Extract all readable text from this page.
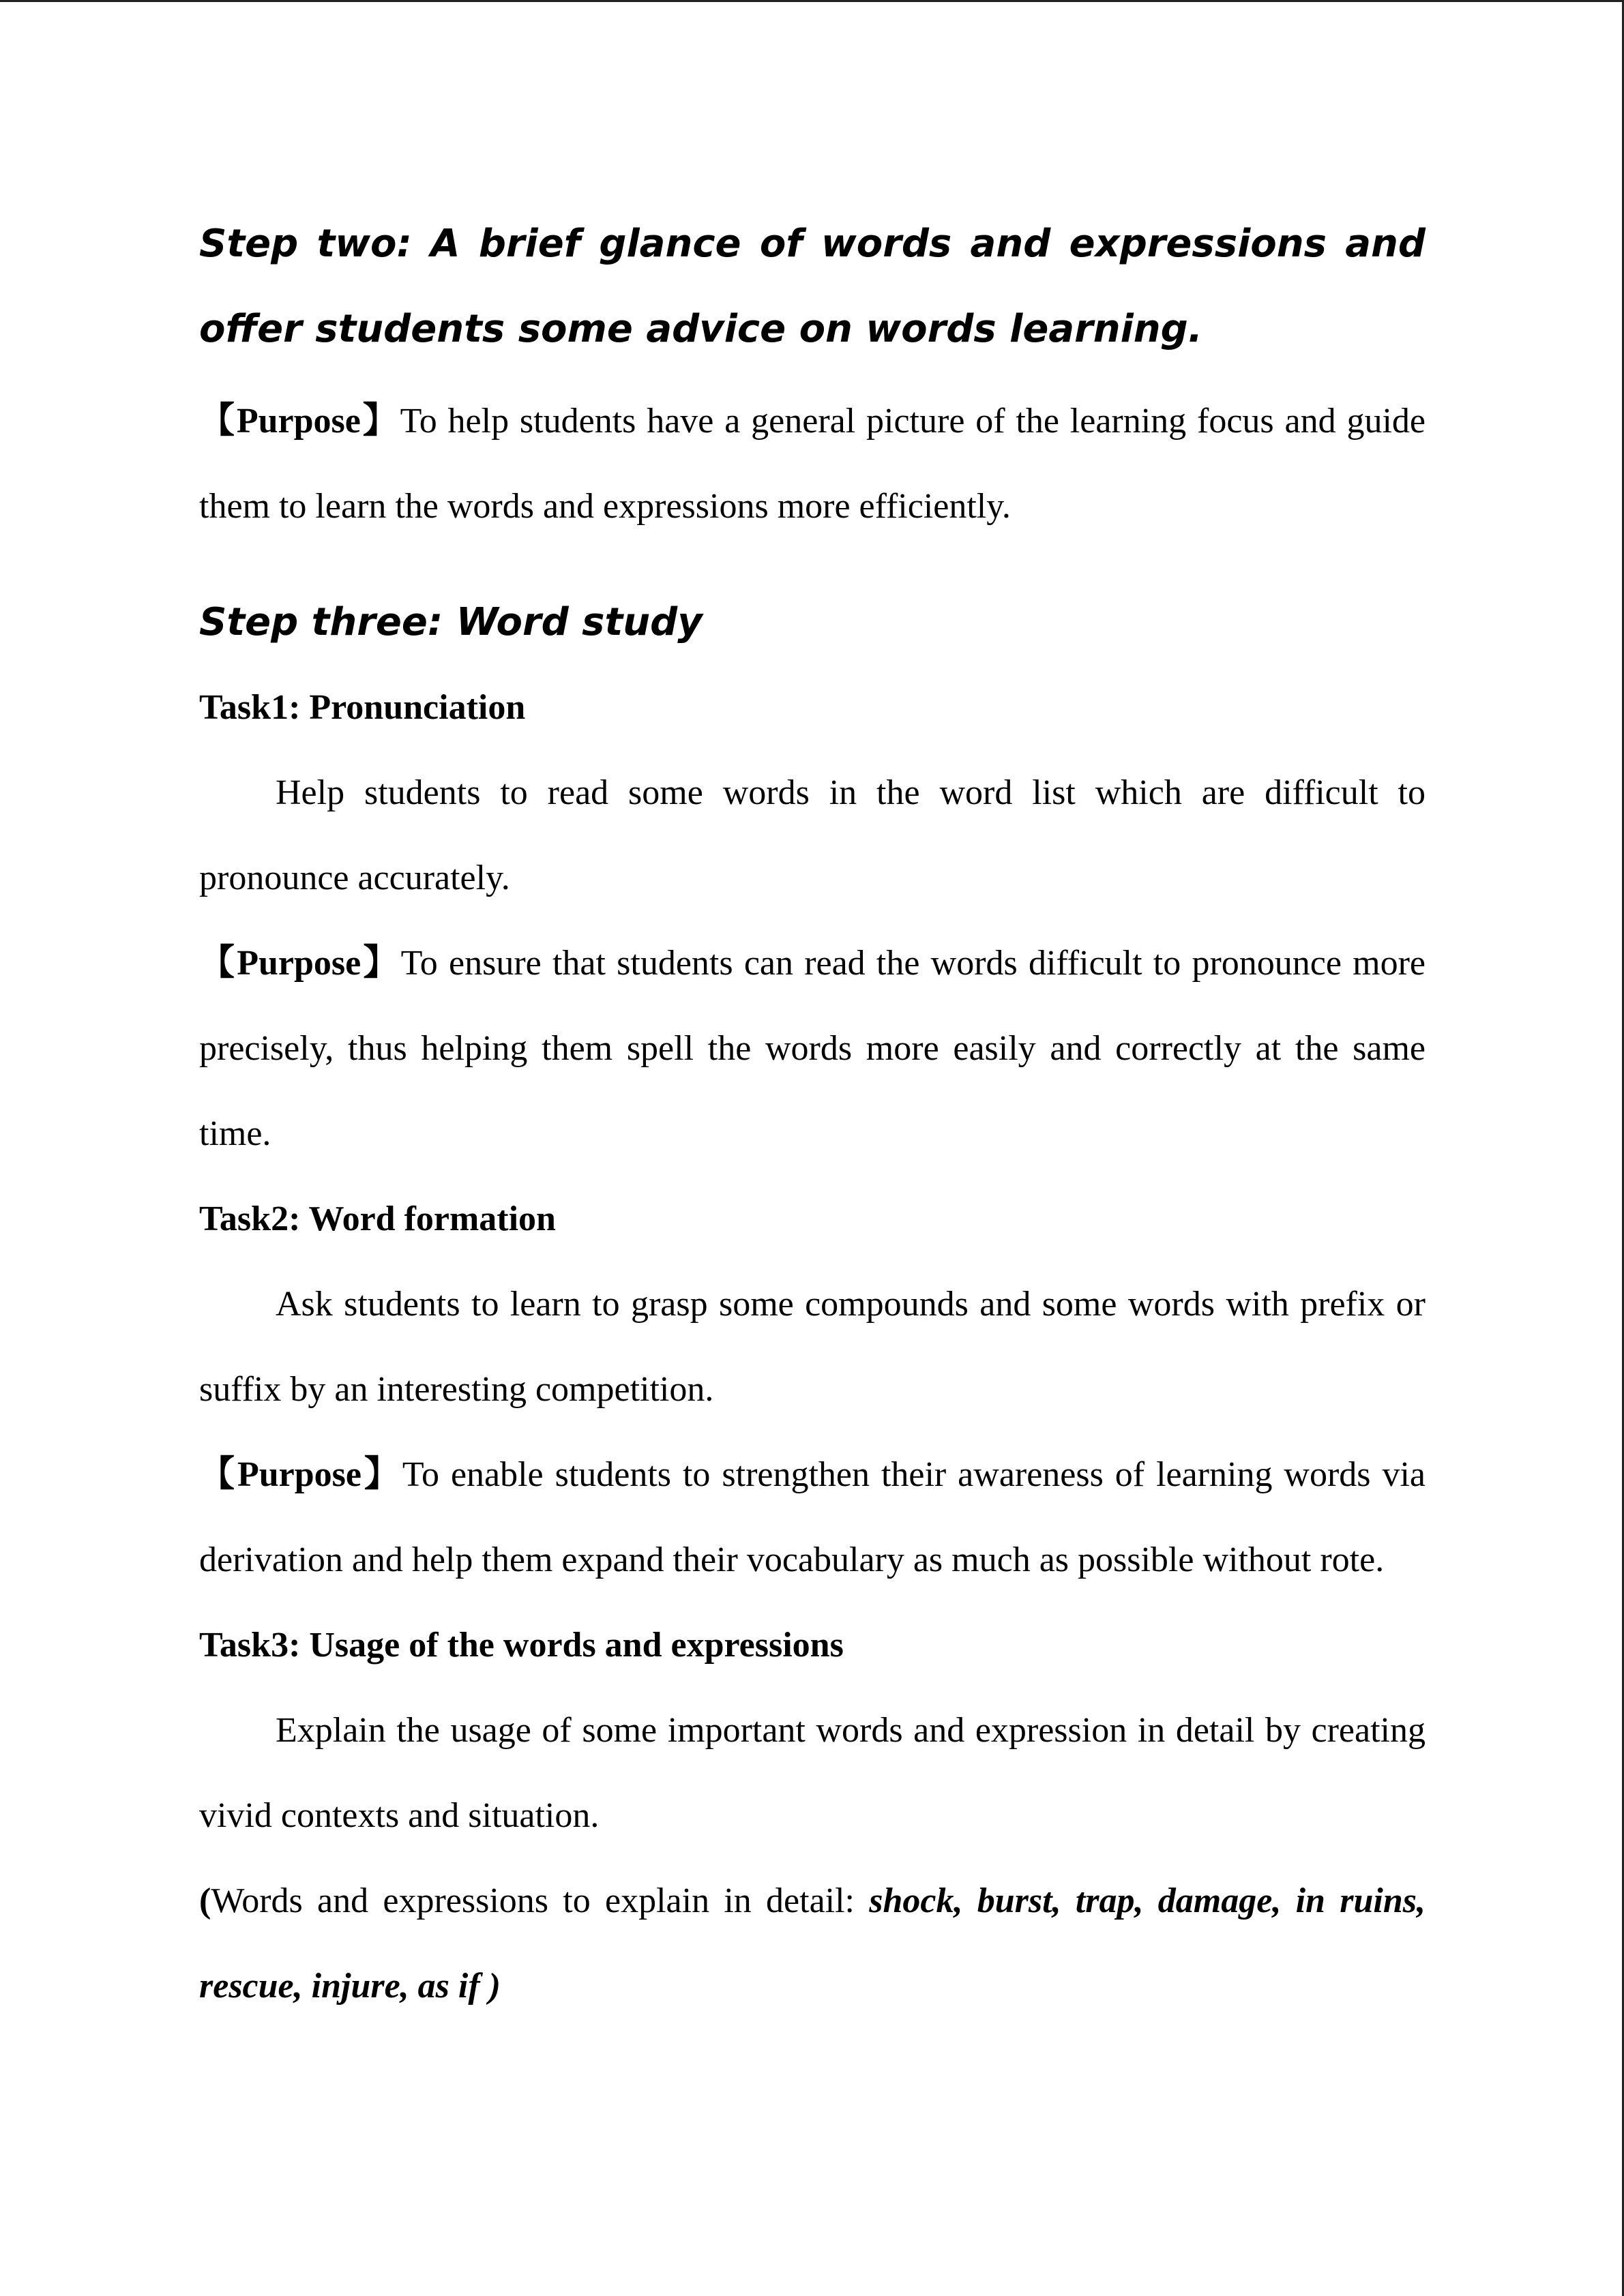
Step two: A brief glance of words and expressions and offer students some advice on words learning.

【Purpose】To help students have a general picture of the learning focus and guide them to learn the words and expressions more efficiently.

Step three: Word study

Task1: Pronunciation

Help students to read some words in the word list which are difficult to pronounce accurately.

【Purpose】To ensure that students can read the words difficult to pronounce more precisely, thus helping them spell the words more easily and correctly at the same time.

Task2: Word formation

Ask students to learn to grasp some compounds and some words with prefix or suffix by an interesting competition.

【Purpose】To enable students to strengthen their awareness of learning words via derivation and help them expand their vocabulary as much as possible without rote.

Task3: Usage of the words and expressions

Explain the usage of some important words and expression in detail by creating vivid contexts and situation.

(Words and expressions to explain in detail: shock, burst, trap, damage, in ruins, rescue, injure, as if )
